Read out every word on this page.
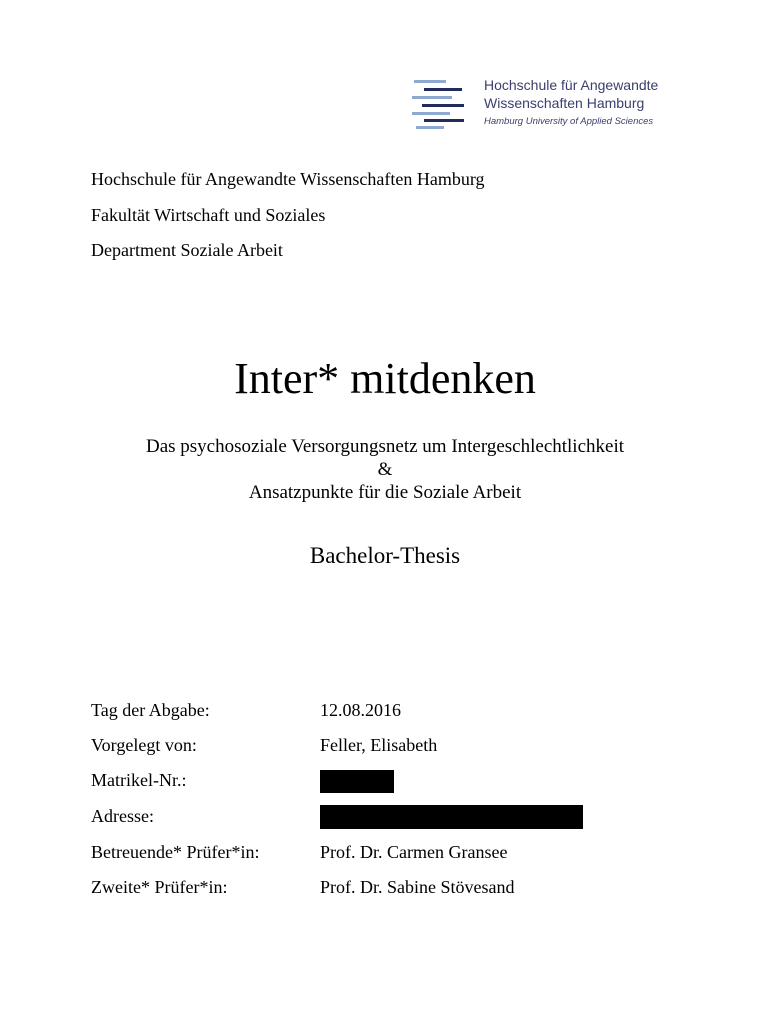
Hochschule für Angewandte
Wissenschaften Hamburg
Hamburg University of Applied Sciences
Hochschule für Angewandte Wissenschaften Hamburg
Fakultät Wirtschaft und Soziales
Department Soziale Arbeit
Inter* mitdenken
Das psychosoziale Versorgungsnetz um Intergeschlechtlichkeit
&
Ansatzpunkte für die Soziale Arbeit
Bachelor-Thesis
Tag der Abgabe:	12.08.2016
Vorgelegt von:	Feller, Elisabeth
Matrikel-Nr.:
Adresse:
Betreuende* Prüfer*in:	Prof. Dr. Carmen Gransee
Zweite* Prüfer*in:	Prof. Dr. Sabine Stövesand
